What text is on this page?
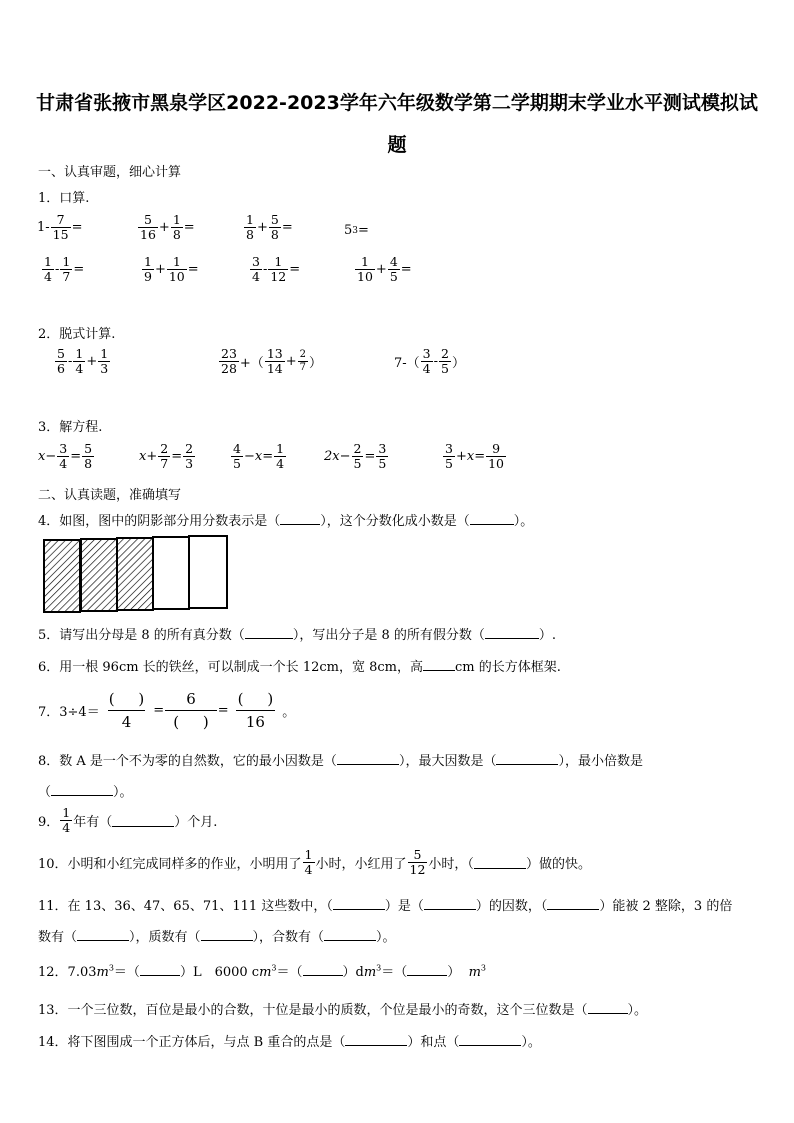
甘肃省张掖市黑泉学区2022-2023学年六年级数学第二学期期末学业水平测试模拟试
题
一、认真审题，细心计算
1．口算.
$1- \frac{7}{15}$ =	$\frac{5}{16} + \frac{1}{8}$ =	$\frac{1}{8} + \frac{5}{8}$ =	5 3 =
$\frac{1}{4} - \frac{1}{7}$ =	$\frac{1}{9} + \frac{1}{10}$ =	$\frac{3}{4} - \frac{1}{12}$ =	$\frac{1}{10} + \frac{4}{5}$ =
2．脱式计算.
$\frac{5}{6} - \frac{1}{4} + \frac{1}{3}$	$\frac{23}{28}$ +（ $\frac{13}{14} + \frac{2}{7}$ ）	$7-( \frac{3}{4} - \frac{2}{5}$ ）
3．解方程.
$x - \frac{3}{4} = \frac{5}{8}$	$x + \frac{2}{7} = \frac{2}{3}$	$\frac{4}{5} - x = \frac{1}{4}$	$2x - \frac{2}{5} = \frac{3}{5}$	$\frac{3}{5} + x = \frac{9}{10}$
二、认真读题，准确填写
4．如图，图中的阴影部分用分数表示是（	），这个分数化成小数是（	）。
5．请写出分母是 8 的所有真分数（	），写出分子是 8 的所有假分数（	）.
6．用一根 96cm 长的铁丝，可以制成一个长 12cm，宽 8cm，高 cm 的长方体框架.
7．$3\div 4= \frac{( )}{4} = \frac{6}{( )} = \frac{( )}{16}$ 。
8．数 A 是一个不为零的自然数，它的最小因数是（	），最大因数是（	），最小倍数是
（	）。
9． $\frac{1}{4}$ 年有（	）个月.
10．小明和小红完成同样多的作业，小明用了 $\frac{1}{4}$ 小时，小红用了 $\frac{5}{12}$ 小时，（	）做的快。
11．在 13、36、47、65、71、111 这些数中，（	）是（	）的因数，（	）能被 2 整除，3 的倍
数有（	），质数有（	），合数有（	）。
12．$7.03m^3=$（	）L　6000 $cm^3=$（	）$dm^3=$（	） $m^3$
13．一个三位数，百位是最小的合数，十位是最小的质数，个位是最小的奇数，这个三位数是（	）。
14．将下图围成一个正方体后，与点 B 重合的点是（	）和点（	）。
